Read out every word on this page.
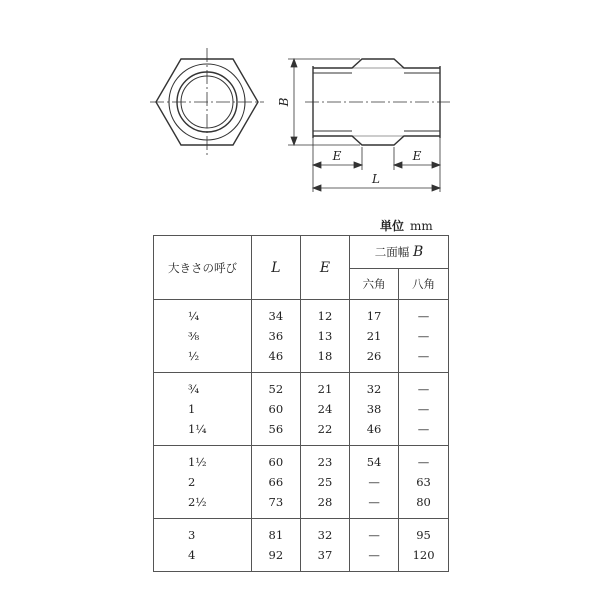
B
E	E
L
単位 mm
大きさの呼び	L	E	二面幅 B	
			六角	八角
¼	34	12	17	—
⅜	36	13	21	—
½	46	18	26	—
¾	52	21	32	—
1	60	24	38	—
1¼	56	22	46	—
1½	60	23	54	—
2	66	25	—	63
2½	73	28	—	80
3	81	32	—	95
4	92	37	—	120
